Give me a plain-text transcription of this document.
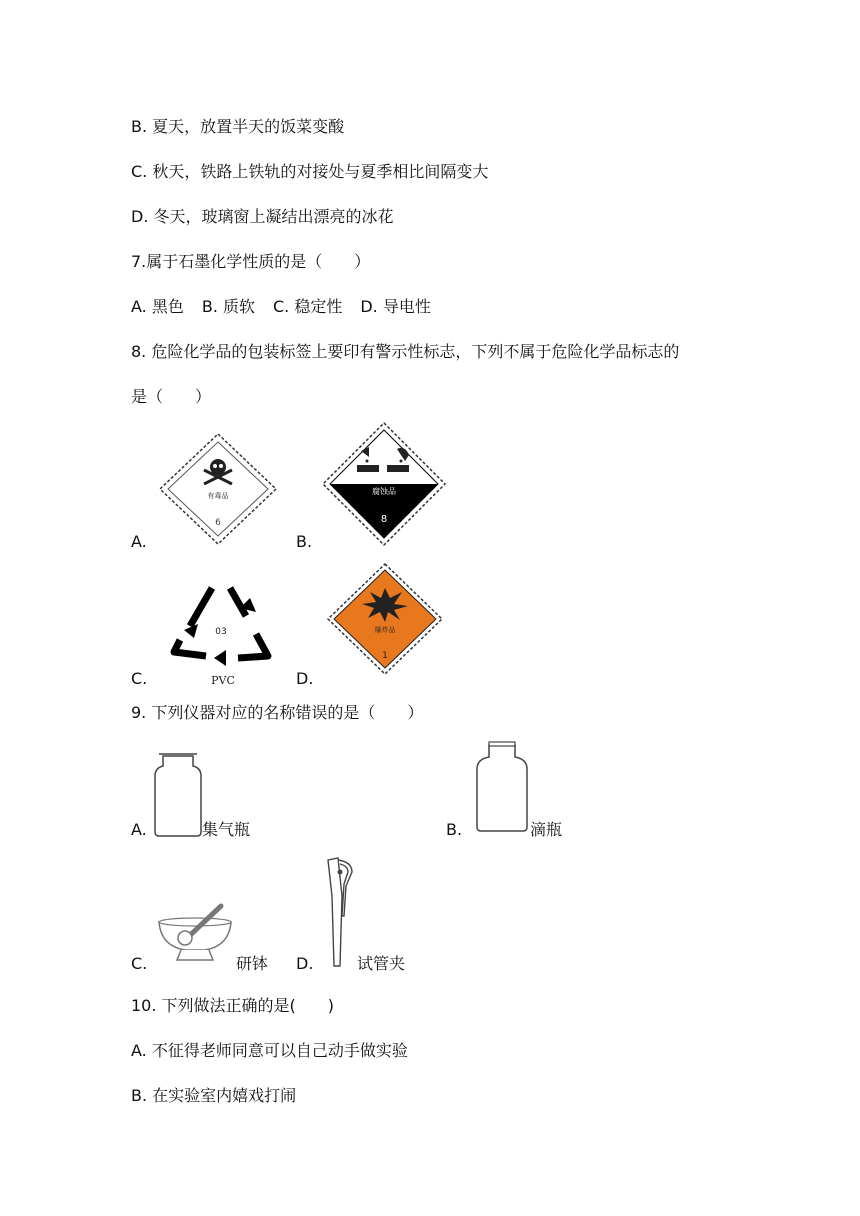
B. 夏天，放置半天的饭菜变酸
C. 秋天，铁路上铁轨的对接处与夏季相比间隔变大
D. 冬天，玻璃窗上凝结出漂亮的冰花
7.属于石墨化学性质的是（　　）
A. 黑色 B. 质软 C. 稳定性 D. 导电性
8. 危险化学品的包装标签上要印有警示性标志，下列不属于危险化学品标志的
是（　　）
A.
有毒品
6
B.
腐蚀品
8
C.
03
PVC	D.
爆炸品
1
9. 下列仪器对应的名称错误的是（　　）
A.	集气瓶	B.	滴瓶
C.	研钵 D.	试管夹
10. 下列做法正确的是(　　)
A. 不征得老师同意可以自己动手做实验
B. 在实验室内嬉戏打闹
